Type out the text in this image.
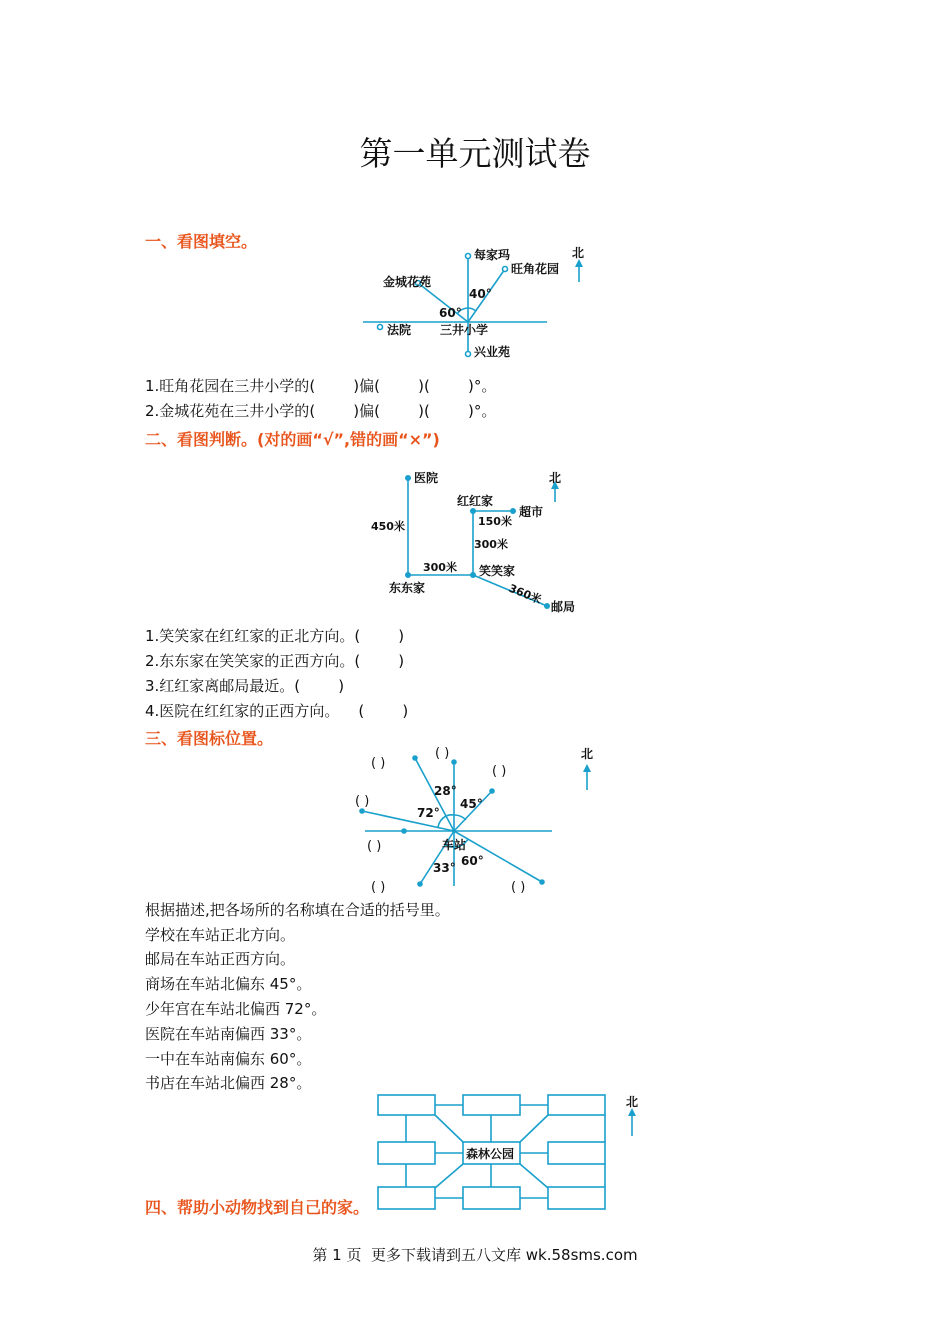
第一单元测试卷
一、看图填空。
每家玛
旺角花园
金城花苑
法院 三井小学
兴业苑
40°
60°
北
1.旺角花园在三井小学的(        )偏(        )(        )°。
2.金城花苑在三井小学的(        )偏(        )(        )°。
二、看图判断。(对的画“√”,错的画“×”)
医院
红红家
超市
笑笑家
东东家
邮局
450米	150米
300米
300米
360米
北
1.笑笑家在红红家的正北方向。(        )
2.东东家在笑笑家的正西方向。(        )
3.红红家离邮局最近。(        )
4.医院在红红家的正西方向。    (        )
三、看图标位置。
( )
( )
( )
( )
( )
( )	( )
28°
45°
72°
33° 60°
车站
北
根据描述,把各场所的名称填在合适的括号里。
学校在车站正北方向。
邮局在车站正西方向。
商场在车站北偏东 45°。
少年宫在车站北偏西 72°。
医院在车站南偏西 33°。
一中在车站南偏东 60°。
书店在车站北偏西 28°。
森林公园
北
四、帮助小动物找到自己的家。
第 1 页  更多下载请到五八文库 wk.58sms.com
